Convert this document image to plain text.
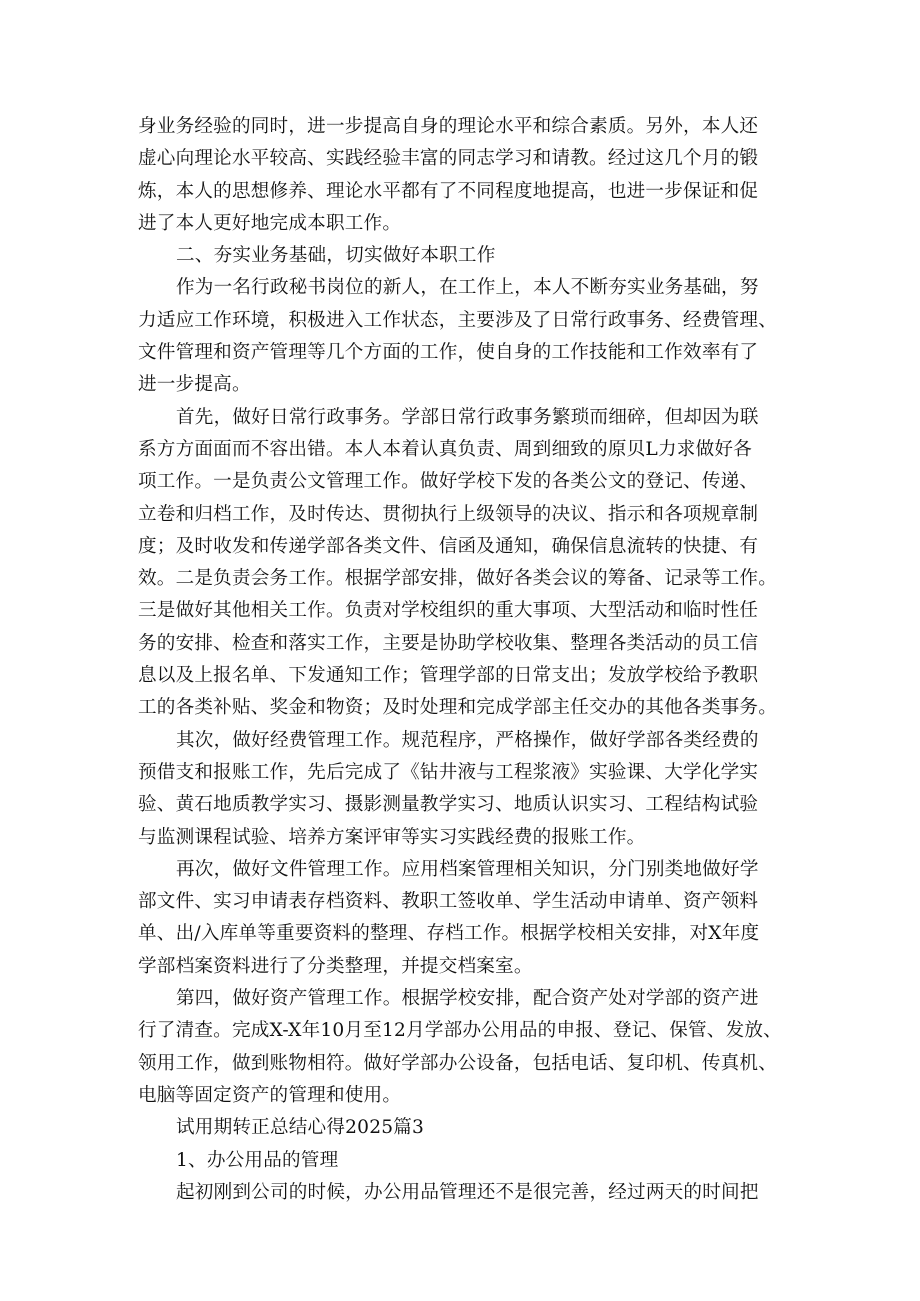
身业务经验的同时，进一步提高自身的理论水平和综合素质。另外，本人还
虚心向理论水平较高、实践经验丰富的同志学习和请教。经过这几个月的锻
炼，本人的思想修养、理论水平都有了不同程度地提高，也进一步保证和促
进了本人更好地完成本职工作。
二、夯实业务基础，切实做好本职工作
作为一名行政秘书岗位的新人，在工作上，本人不断夯实业务基础，努
力适应工作环境，积极进入工作状态，主要涉及了日常行政事务、经费管理、
文件管理和资产管理等几个方面的工作，使自身的工作技能和工作效率有了
进一步提高。
首先，做好日常行政事务。学部日常行政事务繁琐而细碎，但却因为联
系方方面面而不容出错。本人本着认真负责、周到细致的原贝L力求做好各
项工作。一是负责公文管理工作。做好学校下发的各类公文的登记、传递、
立卷和归档工作，及时传达、贯彻执行上级领导的决议、指示和各项规章制
度；及时收发和传递学部各类文件、信函及通知，确保信息流转的快捷、有
效。二是负责会务工作。根据学部安排，做好各类会议的筹备、记录等工作。
三是做好其他相关工作。负责对学校组织的重大事项、大型活动和临时性任
务的安排、检查和落实工作，主要是协助学校收集、整理各类活动的员工信
息以及上报名单、下发通知工作；管理学部的日常支出；发放学校给予教职
工的各类补贴、奖金和物资；及时处理和完成学部主任交办的其他各类事务。
其次，做好经费管理工作。规范程序，严格操作，做好学部各类经费的
预借支和报账工作，先后完成了《钻井液与工程浆液》实验课、大学化学实
验、黄石地质教学实习、摄影测量教学实习、地质认识实习、工程结构试验
与监测课程试验、培养方案评审等实习实践经费的报账工作。
再次，做好文件管理工作。应用档案管理相关知识，分门别类地做好学
部文件、实习申请表存档资料、教职工签收单、学生活动申请单、资产领料
单、出/入库单等重要资料的整理、存档工作。根据学校相关安排，对X年度
学部档案资料进行了分类整理，并提交档案室。
第四，做好资产管理工作。根据学校安排，配合资产处对学部的资产进
行了清查。完成X-X年10月至12月学部办公用品的申报、登记、保管、发放、
领用工作，做到账物相符。做好学部办公设备，包括电话、复印机、传真机、
电脑等固定资产的管理和使用。
试用期转正总结心得2025篇3
1、办公用品的管理
起初刚到公司的时候，办公用品管理还不是很完善，经过两天的时间把
